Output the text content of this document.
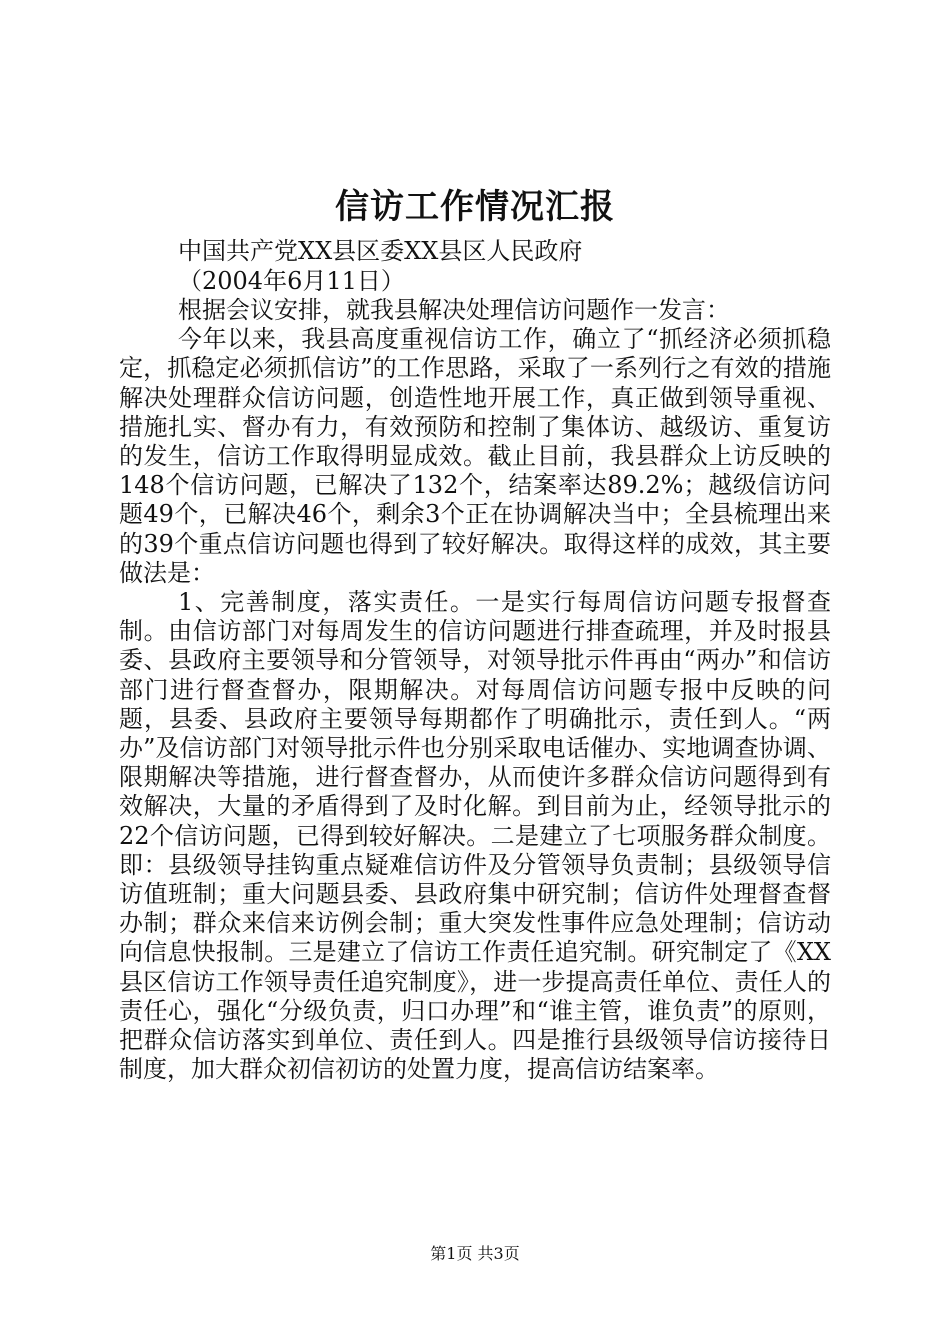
信访工作情况汇报
中国共产党XX县区委XX县区人民政府
（2004年6月11日）

根据会议安排，就我县解决处理信访问题作一发言：

今年以来，我县高度重视信访工作，确立了“抓经济必须抓稳定，抓稳定必须抓信访”的工作思路，采取了一系列行之有效的措施解决处理群众信访问题，创造性地开展工作，真正做到领导重视、措施扎实、督办有力，有效预防和控制了集体访、越级访、重复访的发生，信访工作取得明显成效。截止目前，我县群众上访反映的148个信访问题，已解决了132个，结案率达89.2%；越级信访问题49个，已解决46个，剩余3个正在协调解决当中；全县梳理出来的39个重点信访问题也得到了较好解决。取得这样的成效，其主要做法是：

1、完善制度，落实责任。一是实行每周信访问题专报督查制。由信访部门对每周发生的信访问题进行排查疏理，并及时报县委、县政府主要领导和分管领导，对领导批示件再由“两办”和信访部门进行督查督办，限期解决。对每周信访问题专报中反映的问题，县委、县政府主要领导每期都作了明确批示，责任到人。“两办”及信访部门对领导批示件也分别采取电话催办、实地调查协调、限期解决等措施，进行督查督办，从而使许多群众信访问题得到有效解决，大量的矛盾得到了及时化解。到目前为止，经领导批示的22个信访问题，已得到较好解决。二是建立了七项服务群众制度。即：县级领导挂钩重点疑难信访件及分管领导负责制；县级领导信访值班制；重大问题县委、县政府集中研究制；信访件处理督查督办制；群众来信来访例会制；重大突发性事件应急处理制；信访动向信息快报制。三是建立了信访工作责任追究制。研究制定了《XX县区信访工作领导责任追究制度》，进一步提高责任单位、责任人的责任心，强化“分级负责，归口办理”和“谁主管，谁负责”的原则，把群众信访落实到单位、责任到人。四是推行县级领导信访接待日制度，加大群众初信初访的处置力度，提高信访结案率。

第1页 共3页
